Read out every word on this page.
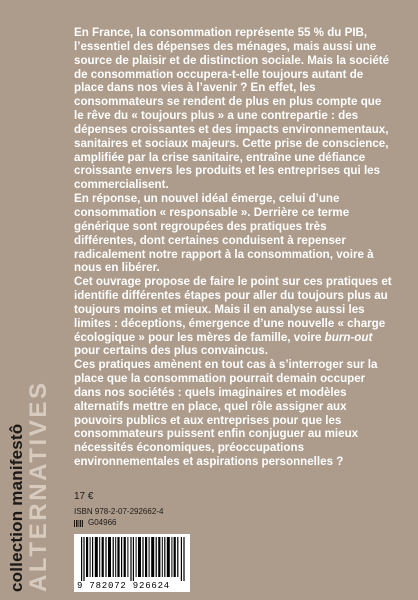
En France, la consommation représente 55 % du PIB, l’essentiel des dépenses des ménages, mais aussi une source de plaisir et de distinction sociale. Mais la société de consommation occupera-t-elle toujours autant de place dans nos vies à l’avenir ? En effet, les consommateurs se rendent de plus en plus compte que le rêve du « toujours plus » a une contrepartie : des dépenses croissantes et des impacts environnementaux, sanitaires et sociaux majeurs. Cette prise de conscience, amplifiée par la crise sanitaire, entraîne une défiance croissante envers les produits et les entreprises qui les commercialisent.

En réponse, un nouvel idéal émerge, celui d’une consommation « responsable ». Derrière ce terme générique sont regroupées des pratiques très différentes, dont certaines conduisent à repenser radicalement notre rapport à la consommation, voire à nous en libérer.

Cet ouvrage propose de faire le point sur ces pratiques et identifie différentes étapes pour aller du toujours plus au toujours moins et mieux. Mais il en analyse aussi les limites : déceptions, émergence d’une nouvelle « charge écologique » pour les mères de famille, voire burn-out pour certains des plus convaincus.

Ces pratiques amènent en tout cas à s’interroger sur la place que la consommation pourrait demain occuper dans nos sociétés : quels imaginaires et modèles alternatifs mettre en place, quel rôle assigner aux pouvoirs publics et aux entreprises pour que les consommateurs puissent enfin conjuguer au mieux nécessités économiques, préoccupations environnementales et aspirations personnelles ?

collection manifestô ALTERNATIVES 17 €
ISBN 978-2-07-292662-4
G04966
9 782072 926624
